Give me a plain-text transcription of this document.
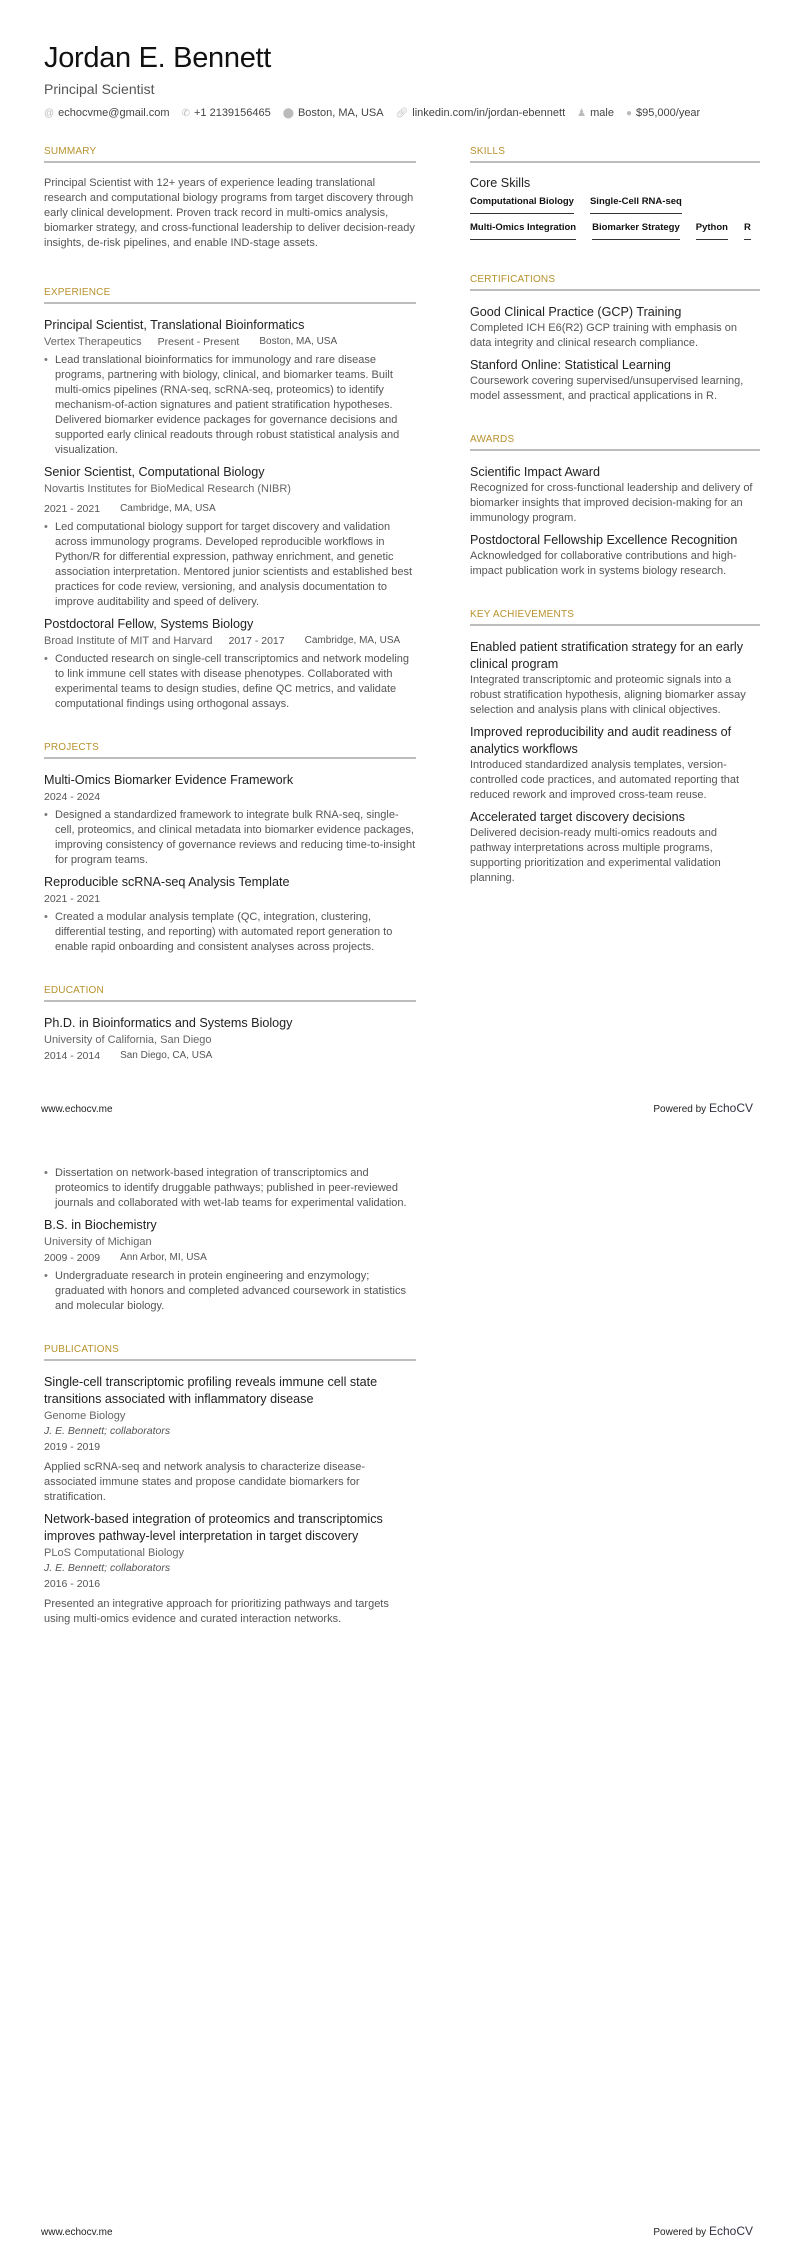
Jordan E. Bennett
Principal Scientist
@ echocvme@gmail.com ✆ +1 2139156465 ⬤ Boston, MA, USA 🔗︎ linkedin.com/in/jordan-ebennett ♟ male ● $95,000/year
SUMMARY

Principal Scientist with 12+ years of experience leading translational research and computational biology programs from target discovery through early clinical development. Proven track record in multi-omics analysis, biomarker strategy, and cross-functional leadership to deliver decision-ready insights, de-risk pipelines, and enable IND-stage assets.

EXPERIENCE
Principal Scientist, Translational Bioinformatics
Vertex Therapeutics Present - Present Boston, MA, USA
• Lead translational bioinformatics for immunology and rare disease programs, partnering with biology, clinical, and biomarker teams. Built multi-omics pipelines (RNA-seq, scRNA-seq, proteomics) to identify mechanism-of-action signatures and patient stratification hypotheses. Delivered biomarker evidence packages for governance decisions and supported early clinical readouts through robust statistical analysis and visualization.
Senior Scientist, Computational Biology
Novartis Institutes for BioMedical Research (NIBR)
2021 - 2021 Cambridge, MA, USA
• Led computational biology support for target discovery and validation across immunology programs. Developed reproducible workflows in Python/R for differential expression, pathway enrichment, and genetic association interpretation. Mentored junior scientists and established best practices for code review, versioning, and analysis documentation to improve auditability and speed of delivery.
Postdoctoral Fellow, Systems Biology
Broad Institute of MIT and Harvard 2017 - 2017 Cambridge, MA, USA
• Conducted research on single-cell transcriptomics and network modeling to link immune cell states with disease phenotypes. Collaborated with experimental teams to design studies, define QC metrics, and validate computational findings using orthogonal assays.
PROJECTS
Multi-Omics Biomarker Evidence Framework
2024 - 2024
• Designed a standardized framework to integrate bulk RNA-seq, single-cell, proteomics, and clinical metadata into biomarker evidence packages, improving consistency of governance reviews and reducing time-to-insight for program teams.
Reproducible scRNA-seq Analysis Template
2021 - 2021
• Created a modular analysis template (QC, integration, clustering, differential testing, and reporting) with automated report generation to enable rapid onboarding and consistent analyses across projects.
EDUCATION
Ph.D. in Bioinformatics and Systems Biology
University of California, San Diego
2014 - 2014 San Diego, CA, USA
SKILLS
Core Skills
Computational Biology Single-Cell RNA-seq
Multi-Omics Integration Biomarker Strategy Python R
CERTIFICATIONS
Good Clinical Practice (GCP) Training

Completed ICH E6(R2) GCP training with emphasis on data integrity and clinical research compliance.

Stanford Online: Statistical Learning

Coursework covering supervised/unsupervised learning, model assessment, and practical applications in R.

AWARDS
Scientific Impact Award

Recognized for cross-functional leadership and delivery of biomarker insights that improved decision-making for an immunology program.

Postdoctoral Fellowship Excellence Recognition

Acknowledged for collaborative contributions and high-impact publication work in systems biology research.

KEY ACHIEVEMENTS
Enabled patient stratification strategy for an early clinical program

Integrated transcriptomic and proteomic signals into a robust stratification hypothesis, aligning biomarker assay selection and analysis plans with clinical objectives.

Improved reproducibility and audit readiness of analytics workflows

Introduced standardized analysis templates, version-controlled code practices, and automated reporting that reduced rework and improved cross-team reuse.

Accelerated target discovery decisions

Delivered decision-ready multi-omics readouts and pathway interpretations across multiple programs, supporting prioritization and experimental validation planning.

www.echocv.me	Powered by EchoCV
• Dissertation on network-based integration of transcriptomics and proteomics to identify druggable pathways; published in peer-reviewed journals and collaborated with wet-lab teams for experimental validation.
B.S. in Biochemistry
University of Michigan
2009 - 2009 Ann Arbor, MI, USA
• Undergraduate research in protein engineering and enzymology; graduated with honors and completed advanced coursework in statistics and molecular biology.
PUBLICATIONS
Single-cell transcriptomic profiling reveals immune cell state transitions associated with inflammatory disease
Genome Biology
J. E. Bennett; collaborators
2019 - 2019

Applied scRNA-seq and network analysis to characterize disease-associated immune states and propose candidate biomarkers for stratification.

Network-based integration of proteomics and transcriptomics improves pathway-level interpretation in target discovery
PLoS Computational Biology
J. E. Bennett; collaborators
2016 - 2016

Presented an integrative approach for prioritizing pathways and targets using multi-omics evidence and curated interaction networks.

www.echocv.me	Powered by EchoCV
